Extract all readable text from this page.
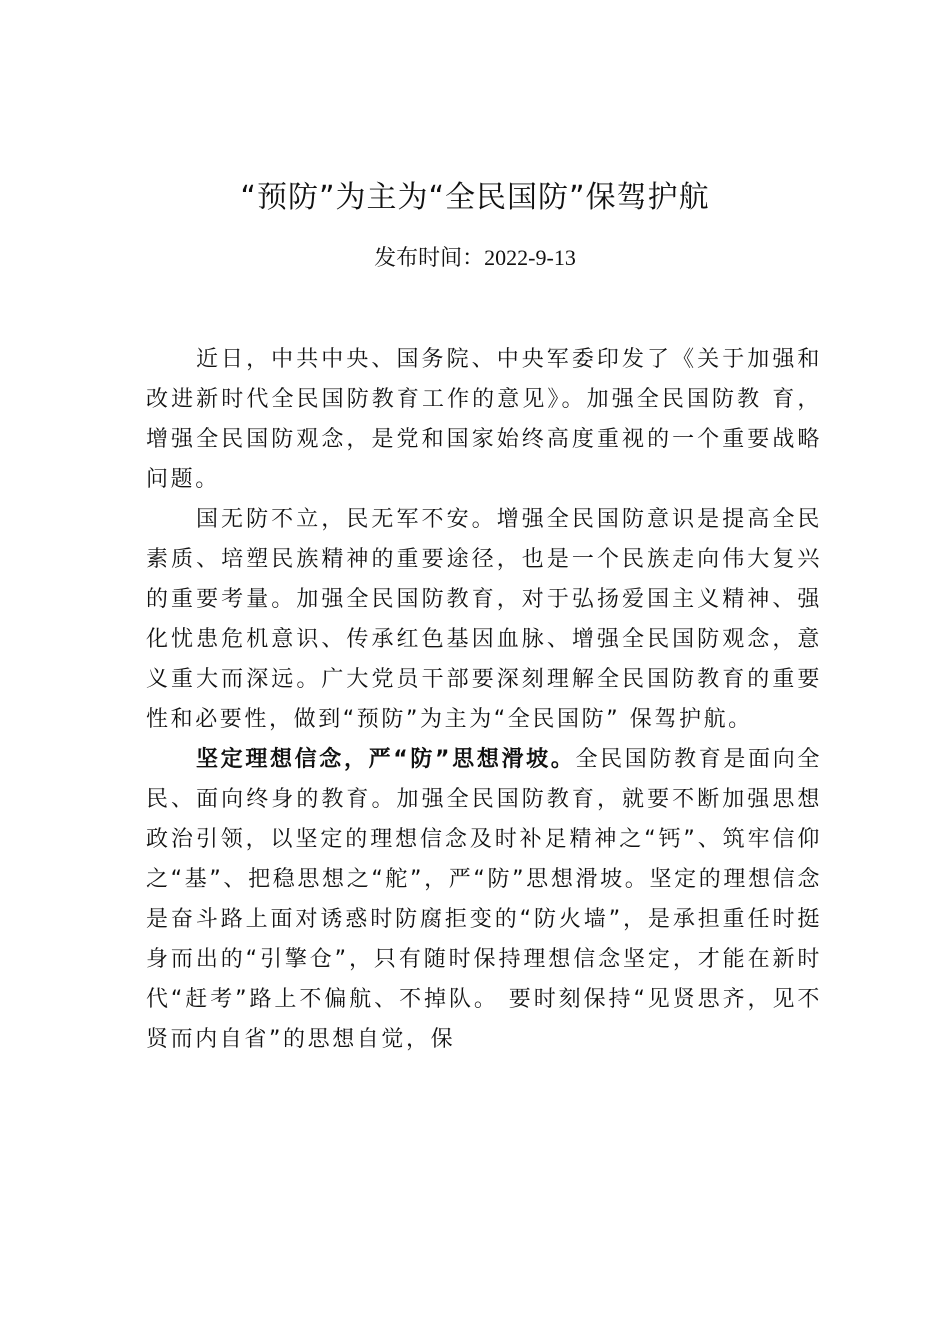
“预防”为主为“全民国防”保驾护航
发布时间：2022-9-13

近日，中共中央、国务院、中央军委印发了《关于加强和改进新时代全民国防教育工作的意见》。加强全民国防教 育，增强全民国防观念，是党和国家始终高度重视的一个重要战略问题。

国无防不立，民无军不安。增强全民国防意识是提高全民素质、培塑民族精神的重要途径，也是一个民族走向伟大复兴的重要考量。加强全民国防教育，对于弘扬爱国主义精神、强化忧患危机意识、传承红色基因血脉、增强全民国防观念，意义重大而深远。广大党员干部要深刻理解全民国防教育的重要性和必要性，做到“预防”为主为“全民国防” 保驾护航。

坚定理想信念，严“防”思想滑坡。全民国防教育是面向全民、面向终身的教育。加强全民国防教育，就要不断加强思想政治引领，以坚定的理想信念及时补足精神之“钙”、筑牢信仰之“基”、把稳思想之“舵”，严“防”思想滑坡。坚定的理想信念是奋斗路上面对诱惑时防腐拒变的“防火墙”，是承担重任时挺身而出的“引擎仓”，只有随时保持理想信念坚定，才能在新时代“赶考”路上不偏航、不掉队。 要时刻保持“见贤思齐，见不贤而内自省”的思想自觉，保
